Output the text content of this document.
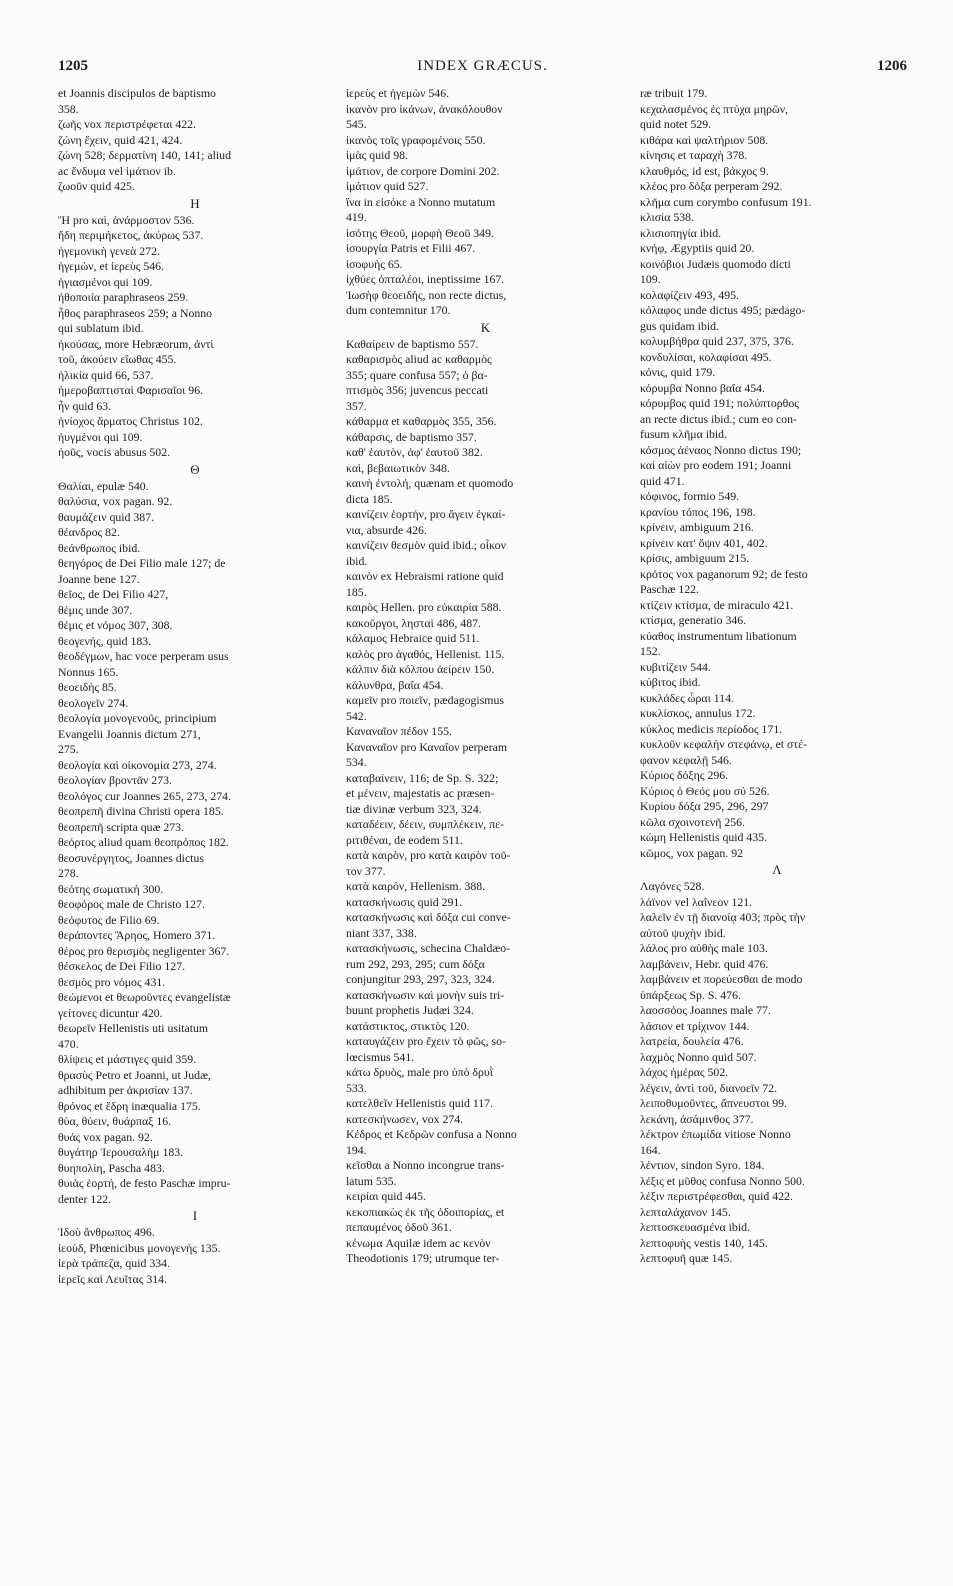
1205	INDEX GRÆCUS.	1206
et Joannis discipulos de baptismo
358.
ζωῆς vox περιστρέφεται 422.
ζώνη ἔχειν, quid 421, 424.
ζώνη 528; δερματίνη 140, 141; aliud
ac ἔνδυμα vel ἱμάτιον ib.
ζωοῦν quid 425.
H
Ἢ pro καὶ, ἀνάρμοστον 536.
ἤδη περιμήκετος, ἀκύρως 537.
ἡγεμονικὴ γενεὰ 272.
ἡγεμών, et ἱερεὺς 546.
ἡγιασμένοι qui 109.
ἠθοποιία paraphraseos 259.
ἦθος paraphraseos 259; a Nonno
qui sublatum ibid.
ἠκούσας, more Hebræorum, ἀντὶ
τοῦ, ἀκούειν εἴωθας 455.
ἡλικία quid 66, 537.
ἡμεροβαπτισταὶ Φαρισαῖοι 96.
ἦν quid 63.
ἡνίοχος ἅρματος Christus 102.
ἠυγμένοι qui 109.
ἠοῦς, vocis abusus 502.
Θ
Θαλίαι, epulæ 540.
θαλύσια, vox pagan. 92.
θαυμάζειν quid 387.
θέανδρος 82.
θεάνθρωπος ibid.
θεηγόρος de Dei Filio male 127; de
Joanne bene 127.
θεῖος, de Dei Filio 427,
θέμις unde 307.
θέμις et νόμος 307, 308.
θεογενής, quid 183.
θεοδέγμων, hac voce perperam usus
Nonnus 165.
θεοειδὴς 85.
θεολογεῖν 274.
θεολογία μονογενοῦς, principium
Evangelii Joannis dictum 271,
275.
θεολογία καὶ οἰκονομία 273, 274.
θεολογίαν βροντᾶν 273.
θεολόγος cur Joannes 265, 273, 274.
θεοπρεπῆ divina Christi opera 185.
θεοπρεπῆ scripta quæ 273.
θεόρτος aliud quam θεοπρόπος 182.
θεοσυνέργητος, Joannes dictus
278.
θεότης σωματικὴ 300.
θεοφόρος male de Christo 127.
θεόφυτος de Filio 69.
θεράποντες Ἄρηος, Homero 371.
θέρος pro θερισμὸς negligenter 367.
θέσκελος de Dei Filio 127.
θεσμὸς pro νόμος 431.
θεώμενοι et θεωροῦντες evangelistæ
γείτονες dicuntur 420.
θεωρεῖν Hellenistis uti usitatum
470.
θλίψεις et μάστιγες quid 359.
θρασὺς Petro et Joanni, ut Judæ,
adhibitum per ἀκρισίαν 137.
θρόνος et ἕδρη inæqualia 175.
θύα, θύειν, θυάρπαξ 16.
θυάς vox pagan. 92.
θυγάτηρ Ἱερουσαλὴμ 183.
θυηπολίη, Pascha 483.
θυιὰς ἑορτή, de festo Paschæ impru-
denter 122.
I
Ἰδοὺ ἄνθρωπος 496.
ἰεοὺδ, Phœnicibus μονογενὴς 135.
ἱερὰ τράπεζα, quid 334.
ἱερεῖς καὶ Λευῖτας 314.
ἱερεὺς et ἡγεμὼν 546.
ἱκανὸν pro ἱκάνων, ἀνακόλουθον
545.
ἱκανὸς τοῖς γραφομένοις 550.
ἱμὰς quid 98.
ἱμάτιον, de corpore Domini 202.
ἱμάτιον quid 527.
ἵνα in εἰσόκε a Nonno mutatum
419.
ἰσότης Θεοῦ, μορφὴ Θεοῦ 349.
ἰσουργία Patris et Filii 467.
ἰσοφυὴς 65.
ἰχθύες ὀπταλέοι, ineptissime 167.
Ἰωσὴφ θεοειδής, non recte dictus,
dum contemnitur 170.
K
Καθαίρειν de baptismo 557.
καθαρισμὸς aliud ac καθαρμὸς
355; quare confusa 557; ὁ βα-
πτισμὸς 356; juvencus peccati
357.
κάθαρμα et καθαρμὸς 355, 356.
κάθαρσις, de baptismo 357.
καθ' ἑαυτὸν, ἀφ' ἑαυτοῦ 382.
καὶ, βεβαιωτικὸν 348.
καινὴ ἐντολή, quænam et quomodo
dicta 185.
καινίζειν ἑορτήν, pro ἄγειν ἐγκαί-
νια, absurde 426.
καινίζειν θεσμὸν quid ibid.; οἶκον
ibid.
καινὸν ex Hebraismi ratione quid
185.
καιρὸς Hellen. pro εὐκαιρία 588.
κακοῦργοι, λησταὶ 486, 487.
κάλαμος Hebraice quid 511.
καλὸς pro ἀγαθός, Hellenist. 115.
κάλπιν διὰ κόλπου ἀείρειν 150.
κάλυνθρα, βαΐα 454.
καμεῖν pro ποιεῖν, pædagogismus
542.
Καναναῖον πέδον 155.
Καναναῖον pro Καναΐον perperam
534.
καταβαίνειν, 116; de Sp. S. 322;
et μένειν, majestatis ac præsen-
tiæ divinæ verbum 323, 324.
καταδέειν, δέειν, συμπλέκειν, πε-
ριτιθέναι, de eodem 511.
κατὰ καιρὸν, pro κατὰ καιρὸν τοῦ-
τον 377.
κατὰ καιρόν, Hellenism. 388.
κατασκήνωσις quid 291.
κατασκήνωσις καὶ δόξα cui conve-
niant 337, 338.
κατασκήνωσις, schecina Chaldæo-
rum 292, 293, 295; cum δόξα
conjungitur 293, 297, 323, 324.
κατασκήνωσιν καὶ μονὴν suis tri-
buunt prophetis Judæi 324.
κατάστικτος, στικτὸς 120.
καταυγάζειν pro ἔχειν τὸ φῶς, so-
lœcismus 541.
κάτω δρυὸς, male pro ὑπὸ δρυῒ
533.
κατελθεῖν Hellenistis quid 117.
κατεσκήνωσεν, vox 274.
Κέδρος et Κεδρῶν confusa a Nonno
194.
κεῖσθαι a Nonno incongrue trans-
latum 535.
κειρίαι quid 445.
κεκοπιακὼς ἐκ τῆς ὁδοιπορίας, et
πεπαυμένος ὁδοῦ 361.
κένωμα Aquilæ idem ac κενὸν
Theodotionis 179; utrumque ter-
ræ tribuit 179.
κεχαλασμένος ἐς πτύχα μηρῶν,
quid notet 529.
κιθάρα καὶ ψαλτήριον 508.
κίνησις et ταραχὴ 378.
κλαυθμός, id est, βάκχος 9.
κλέος pro δόξα perperam 292.
κλῆμα cum corymbo confusum 191.
κλισία 538.
κλισιοπηγία ibid.
κνήφ, Ægyptiis quid 20.
κοινόβιοι Judæis quomodo dicti
109.
κολαφίζειν 493, 495.
κόλαφος unde dictus 495; pædago-
gus quidam ibid.
κολυμβήθρα quid 237, 375, 376.
κονδυλίσαι, κολαφίσαι 495.
κόνις, quid 179.
κόρυμβα Nonno βαΐα 454.
κόρυμβος quid 191; πολύπτορθος
an recte dictus ibid.; cum eo con-
fusum κλῆμα ibid.
κόσμος ἀέναος Nonno dictus 190;
καὶ αἰὼν pro eodem 191; Joanni
quid 471.
κόφινος, formio 549.
κρανίου τόπος 196, 198.
κρίνειν, ambiguum 216.
κρίνειν κατ' ὄψιν 401, 402.
κρίσις, ambiguum 215.
κρότος vox paganorum 92; de festo
Paschæ 122.
κτίζειν κτίσμα, de miraculo 421.
κτίσμα, generatio 346.
κύαθος instrumentum libationum
152.
κυβιτίζειν 544.
κύβιτος ibid.
κυκλάδες ὧραι 114.
κυκλίσκος, annulus 172.
κύκλος medicis περίοδος 171.
κυκλοῦν κεφαλὴν στεφάνῳ, et στέ-
φανον κεφαλῇ 546.
Κύριος δόξης 296.
Κύριος ὁ Θεός μου σύ 526.
Κυρίου δόξα 295, 296, 297
κῶλα σχοινοτενῆ 256.
κώμη Hellenistis quid 435.
κῶμος, vox pagan. 92
Λ
Λαγόνες 528.
λάϊνον vel λαΐνεον 121.
λαλεῖν ἐν τῇ διανοίᾳ 403; πρὸς τὴν
αὐτοῦ ψυχὴν ibid.
λάλος pro αὐθὴς male 103.
λαμβάνειν, Hebr. quid 476.
λαμβάνειν et πορεύεσθαι de modo
ὑπάρξεως Sp. S. 476.
λαοσσόος Joannes male 77.
λάσιον et τρίχινον 144.
λατρεία, δουλεία 476.
λαχμὸς Nonno quid 507.
λάχος ἡμέρας 502.
λέγειν, ἀντὶ τοῦ, διανοεῖν 72.
λειποθυμοῦντες, ἄπνευστοι 99.
λεκάνη, ἀσάμινθος 377.
λέκτρον ἐπωμίδα vitiose Nonno
164.
λέντιον, sindon Syro. 184.
λέξις et μῦθος confusa Nonno 500.
λέξιν περιστρέφεσθαι, quid 422.
λεπταλάχανον 145.
λεπτοσκευασμένα ibid.
λεπτοφυὴς vestis 140, 145.
λεπτοφυῆ quæ 145.
